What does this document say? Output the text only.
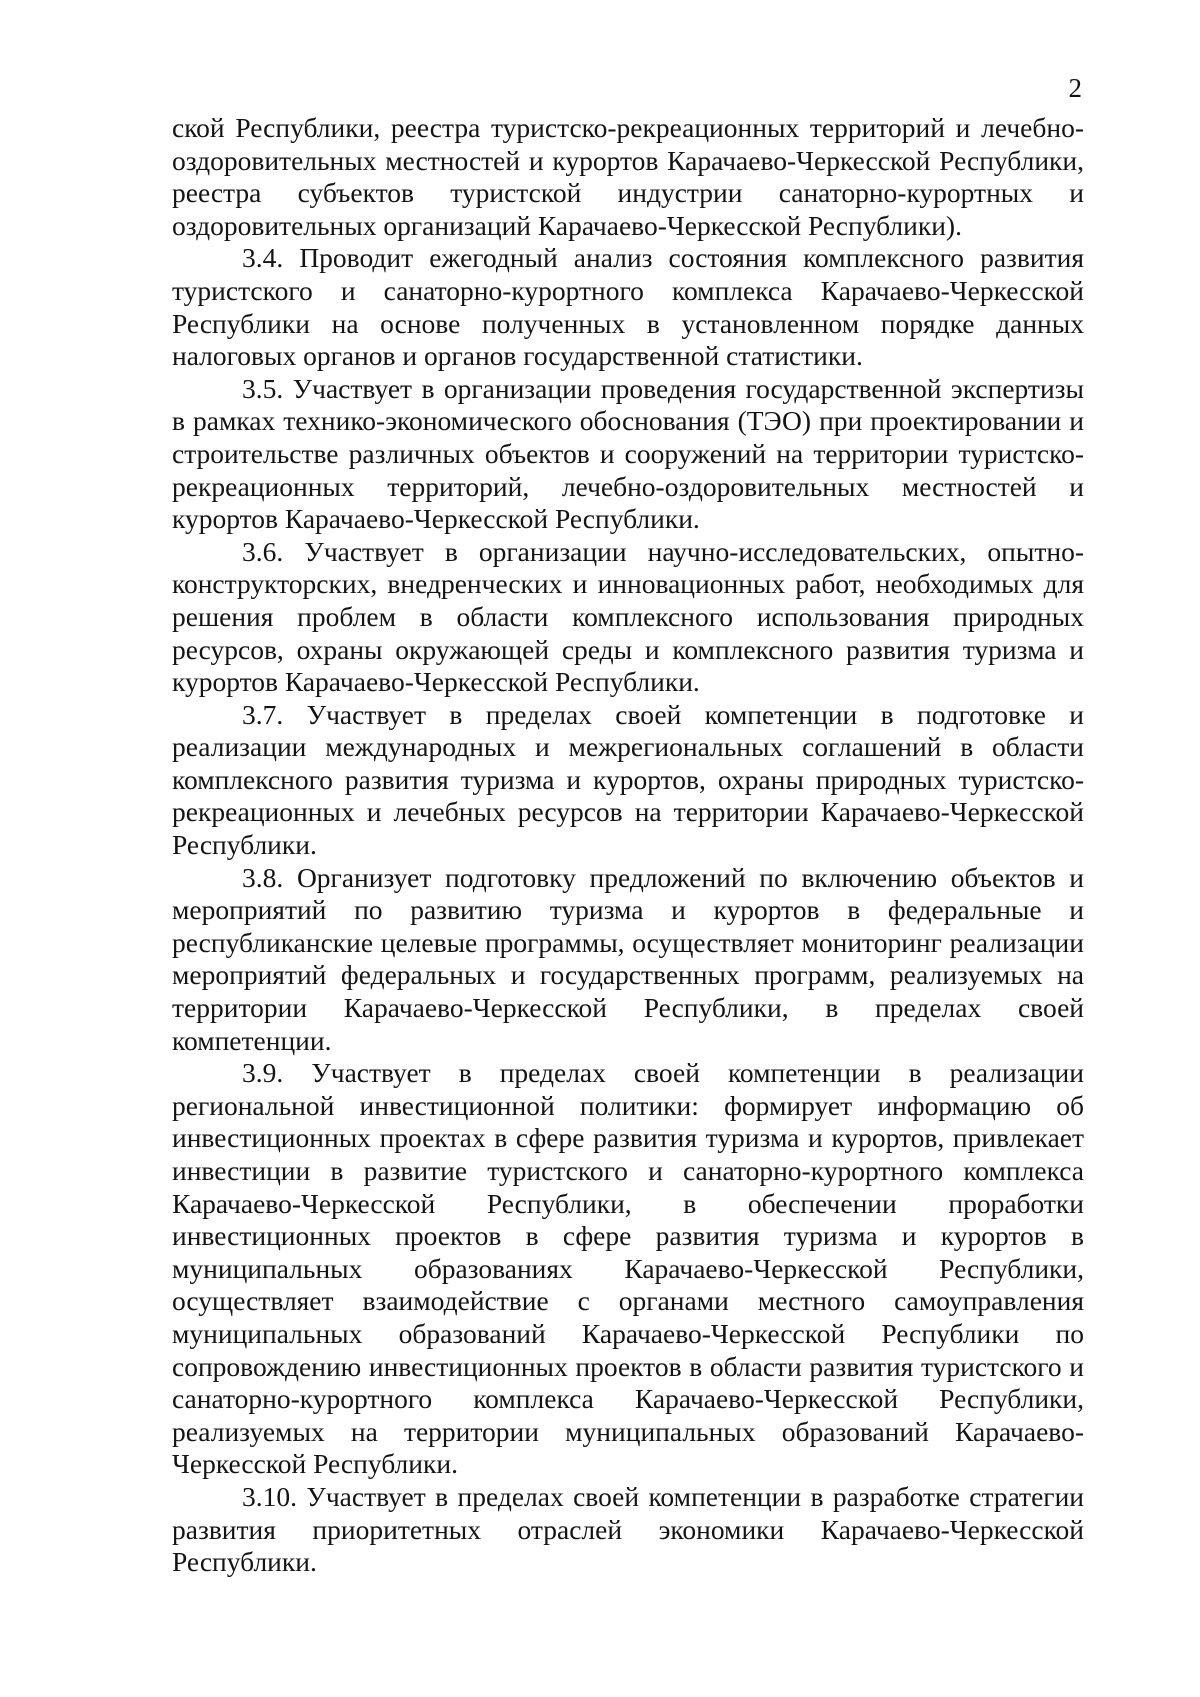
2

ской Республики, реестра туристско-рекреационных территорий и лечебно-оздоровительных местностей и курортов Карачаево-Черкесской Республики, реестра субъектов туристской индустрии санаторно-курортных и оздоровительных организаций Карачаево-Черкесской Республики).

3.4. Проводит ежегодный анализ состояния комплексного развития туристского и санаторно-курортного комплекса Карачаево-Черкесской Республики на основе полученных в установленном порядке данных налоговых органов и органов государственной статистики.

3.5. Участвует в организации проведения государственной экспертизы в рамках технико-экономического обоснования (ТЭО) при проектировании и строительстве различных объектов и сооружений на территории туристско-рекреационных территорий, лечебно-оздоровительных местностей и курортов Карачаево-Черкесской Республики.

3.6. Участвует в организации научно-исследовательских, опытно-конструкторских, внедренческих и инновационных работ, необходимых для решения проблем в области комплексного использования природных ресурсов, охраны окружающей среды и комплексного развития туризма и курортов Карачаево-Черкесской Республики.

3.7. Участвует в пределах своей компетенции в подготовке и реализации международных и межрегиональных соглашений в области комплексного развития туризма и курортов, охраны природных туристско-рекреационных и лечебных ресурсов на территории Карачаево-Черкесской Республики.

3.8. Организует подготовку предложений по включению объектов и мероприятий по развитию туризма и курортов в федеральные и республиканские целевые программы, осуществляет мониторинг реализации мероприятий федеральных и государственных программ, реализуемых на территории Карачаево-Черкесской Республики, в пределах своей компетенции.

3.9. Участвует в пределах своей компетенции в реализации региональной инвестиционной политики: формирует информацию об инвестиционных проектах в сфере развития туризма и курортов, привлекает инвестиции в развитие туристского и санаторно-курортного комплекса Карачаево-Черкесской Республики, в обеспечении проработки инвестиционных проектов в сфере развития туризма и курортов в муниципальных образованиях Карачаево-Черкесской Республики, осуществляет взаимодействие с органами местного самоуправления муниципальных образований Карачаево-Черкесской Республики по сопровождению инвестиционных проектов в области развития туристского и санаторно-курортного комплекса Карачаево-Черкесской Республики, реализуемых на территории муниципальных образований Карачаево-Черкесской Республики.

3.10. Участвует в пределах своей компетенции в разработке стратегии развития приоритетных отраслей экономики Карачаево-Черкесской Республики.
